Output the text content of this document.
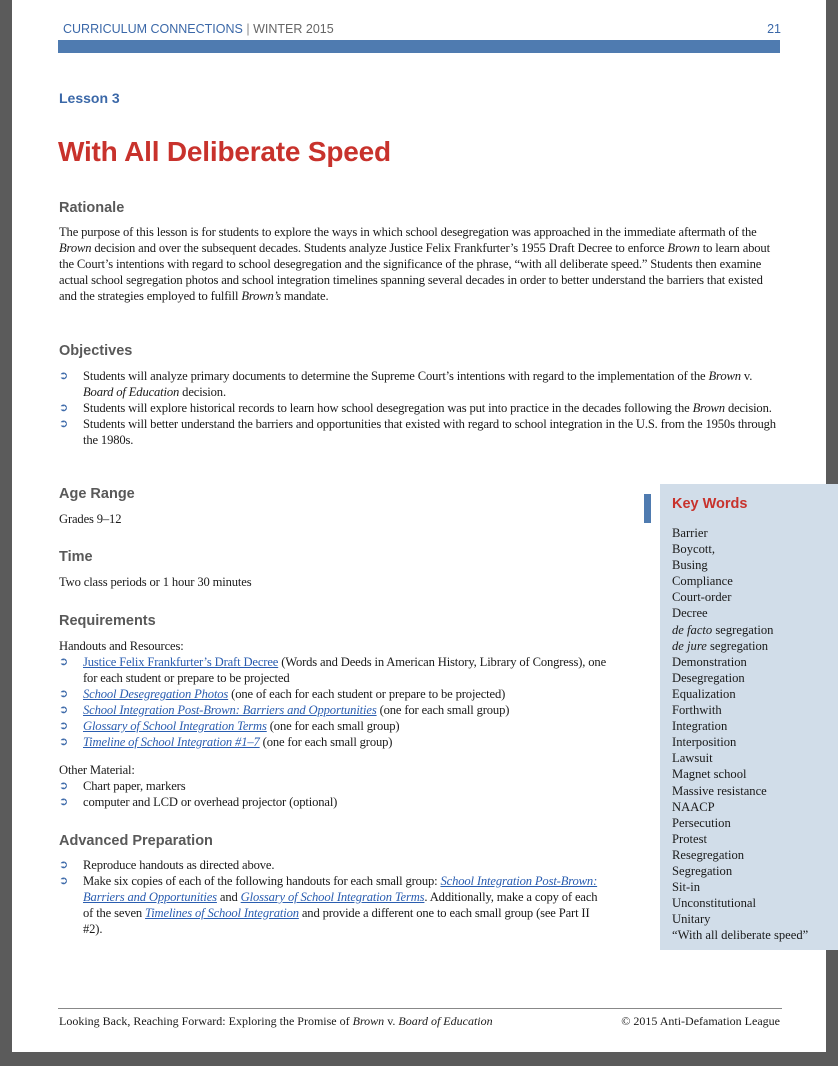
CURRICULUM CONNECTIONS | WINTER 2015	21
Lesson 3
With All Deliberate Speed
Rationale
The purpose of this lesson is for students to explore the ways in which school desegregation was approached in the immediate aftermath of the Brown decision and over the subsequent decades. Students analyze Justice Felix Frankfurter’s 1955 Draft Decree to enforce Brown to learn about the Court’s intentions with regard to school desegregation and the significance of the phrase, “with all deliberate speed.” Students then examine actual school segregation photos and school integration timelines spanning several decades in order to better understand the barriers that existed and the strategies employed to fulfill Brown’s mandate.
Objectives
➲ Students will analyze primary documents to determine the Supreme Court’s intentions with regard to the implementation of the Brown v. Board of Education decision.
➲ Students will explore historical records to learn how school desegregation was put into practice in the decades following the Brown decision.
➲ Students will better understand the barriers and opportunities that existed with regard to school integration in the U.S. from the 1950s through the 1980s.
Age Range
Grades 9–12
Time
Two class periods or 1 hour 30 minutes
Requirements
Handouts and Resources:
➲ Justice Felix Frankfurter’s Draft Decree (Words and Deeds in American History, Library of Congress), one for each student or prepare to be projected
➲ School Desegregation Photos (one of each for each student or prepare to be projected)
➲ School Integration Post-Brown: Barriers and Opportunities (one for each small group)
➲ Glossary of School Integration Terms (one for each small group)
➲ Timeline of School Integration #1–7 (one for each small group)
Other Material:
➲ Chart paper, markers
➲ computer and LCD or overhead projector (optional)
Advanced Preparation
➲ Reproduce handouts as directed above.
➲ Make six copies of each of the following handouts for each small group: School Integration Post-Brown: Barriers and Opportunities and Glossary of School Integration Terms. Additionally, make a copy of each of the seven Timelines of School Integration and provide a different one to each small group (see Part II #2).
Key Words
Barrier
Boycott,
Busing
Compliance
Court-order
Decree
de facto segregation
de jure segregation
Demonstration
Desegregation
Equalization
Forthwith
Integration
Interposition
Lawsuit
Magnet school
Massive resistance
NAACP
Persecution
Protest
Resegregation
Segregation
Sit-in
Unconstitutional
Unitary
“With all deliberate speed”
Looking Back, Reaching Forward: Exploring the Promise of Brown v. Board of Education	© 2015 Anti-Defamation League
